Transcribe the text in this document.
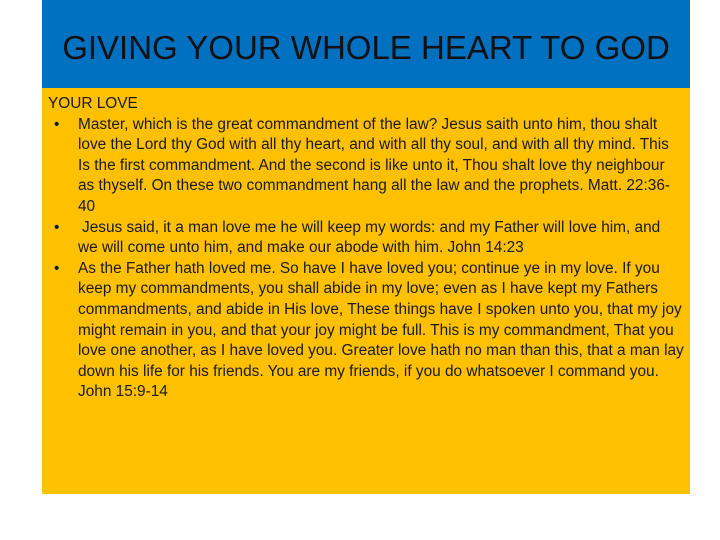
GIVING YOUR WHOLE HEART TO GOD

YOUR LOVE

• Master, which is the great commandment of the law? Jesus saith unto him, thou shalt love the Lord thy God with all thy heart, and with all thy soul, and with all thy mind. This Is the first commandment. And the second is like unto it, Thou shalt love thy neighbour as thyself. On these two commandment hang all the law and the prophets. Matt. 22:36-40
• Jesus said, it a man love me he will keep my words: and my Father will love him, and we will come unto him, and make our abode with him. John 14:23
• As the Father hath loved me. So have I have loved you; continue ye in my love. If you keep my commandments, you shall abide in my love; even as I have kept my Fathers commandments, and abide in His love, These things have I spoken unto you, that my joy might remain in you, and that your joy might be full. This is my commandment, That you love one another, as I have loved you. Greater love hath no man than this, that a man lay down his life for his friends. You are my friends, if you do whatsoever I command you. John 15:9-14
